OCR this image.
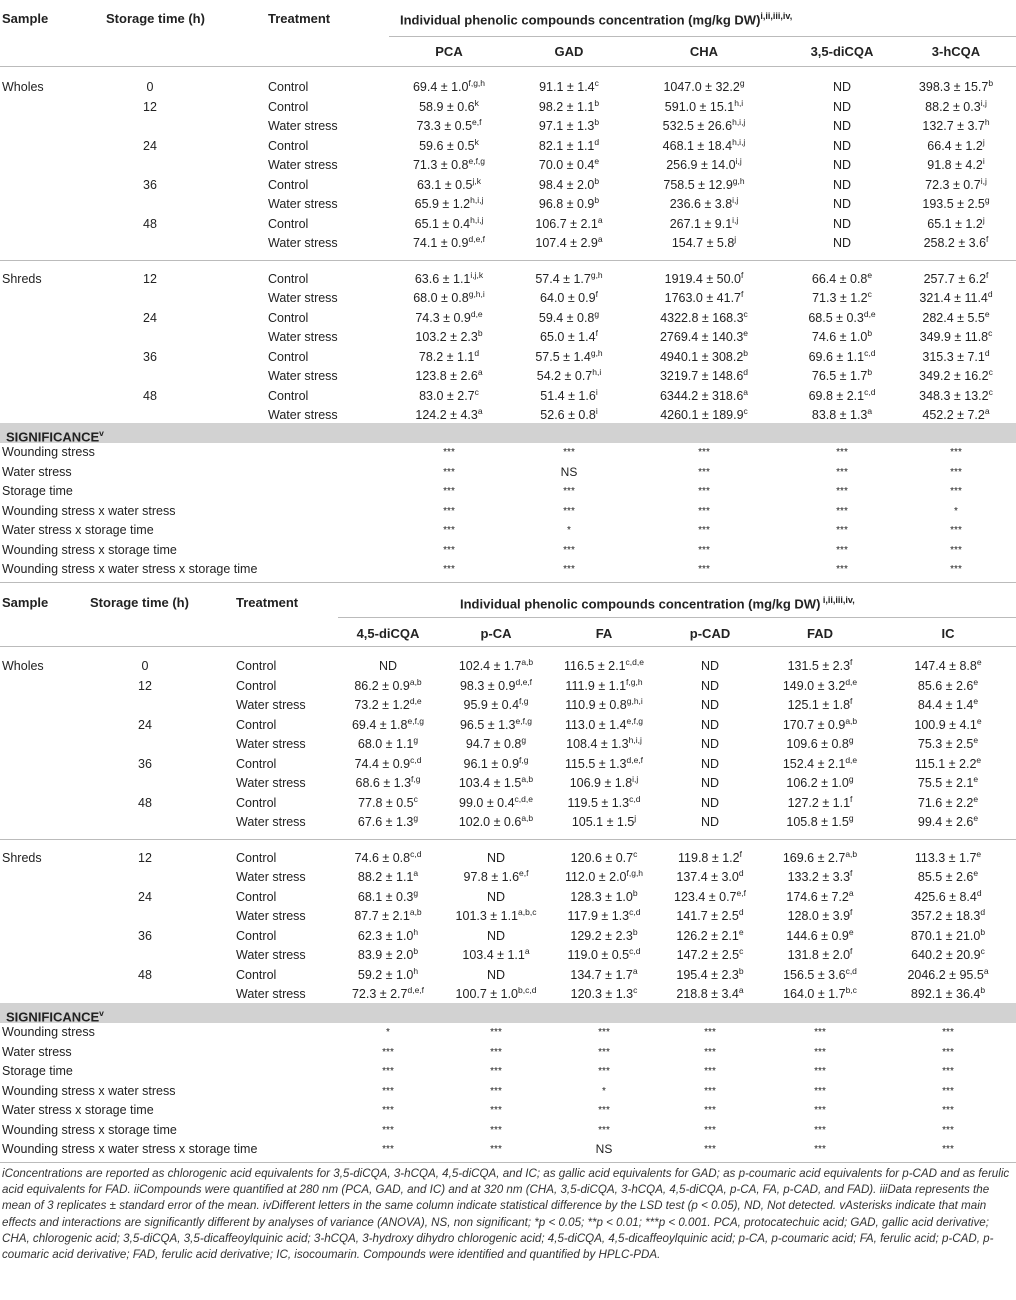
Sample	Storage time (h)	Treatment	Individual phenolic compounds concentration (mg/kg DW)$^{i,ii,iii,iv,}$
PCA	GAD	CHA	3,5-diCQA	3-hCQA
Wholes	0	Control	$69.4 \pm 1.0^{f,g,h}$	91.1 ± 1.4$^c$	1047.0 ± 32.2$^g$	ND	398.3 ± 15.7$^b$
12	Control	$58.9 \pm 0.6^k$	98.2 ± 1.1$^b$	$591.0 \pm 15.1^{h,i}$	ND	$88.2 \pm 0.3^{i,j}$
Water stress	$73.3 \pm 0.5^{e,f}$	97.1 ± 1.3$^b$	$532.5 \pm 26.6^{h,i,j}$	ND	132.7 ± 3.7$^h$
24	Control	$59.6 \pm 0.5^k$	82.1 ± 1.1$^d$	$468.1 \pm 18.4^{h,i,j}$	ND	$66.4 \pm 1.2^j$
Water stress	$71.3 \pm 0.8^{e,f,g}$	70.0 ± 0.4$^e$	$256.9 \pm 14.0^{i,j}$	ND	$91.8 \pm 4.2^i$
36	Control	$63.1 \pm 0.5^{j,k}$	98.4 ± 2.0$^b$	$758.5 \pm 12.9^{g,h}$	ND	$72.3 \pm 0.7^{i,j}$
Water stress	$65.9 \pm 1.2^{h,i,j}$	96.8 ± 0.9$^b$	$236.6 \pm 3.8^{i,j}$	ND	193.5 ± 2.5$^g$
48	Control	$65.1 \pm 0.4^{h,i,j}$	106.7 ± 2.1$^a$	$267.1 \pm 9.1^{i,j}$	ND	$65.1 \pm 1.2^j$
Water stress	$74.1 \pm 0.9^{d,e,f}$	107.4 ± 2.9$^a$	$154.7 \pm 5.8^j$	ND	258.2 ± 3.6$^f$
Shreds	12	Control	$63.6 \pm 1.1^{i,j,k}$	$57.4 \pm 1.7^{g,h}$	1919.4 ± 50.0$^f$	66.4 ± 0.8$^e$	257.7 ± 6.2$^f$
Water stress	$68.0 \pm 0.8^{g,h,i}$	64.0 ± 0.9$^f$	1763.0 ± 41.7$^f$	71.3 ± 1.2$^c$	321.4 ± 11.4$^d$
24	Control	$74.3 \pm 0.9^{d,e}$	59.4 ± 0.8$^g$	4322.8 ± 168.3$^c$	$68.5 \pm 0.3^{d,e}$	282.4 ± 5.5$^e$
Water stress	103.2 ± 2.3$^b$	65.0 ± 1.4$^f$	2769.4 ± 140.3$^e$	74.6 ± 1.0$^b$	349.9 ± 11.8$^c$
36	Control	78.2 ± 1.1$^d$	$57.5 \pm 1.4^{g,h}$	4940.1 ± 308.2$^b$	$69.6 \pm 1.1^{c,d}$	315.3 ± 7.1$^d$
Water stress	123.8 ± 2.6$^a$	$54.2 \pm 0.7^{h,i}$	3219.7 ± 148.6$^d$	76.5 ± 1.7$^b$	349.2 ± 16.2$^c$
48	Control	83.0 ± 2.7$^c$	$51.4 \pm 1.6^i$	6344.2 ± 318.6$^a$	$69.8 \pm 2.1^{c,d}$	348.3 ± 13.2$^c$
Water stress	124.2 ± 4.3$^a$	$52.6 \pm 0.8^i$	4260.1 ± 189.9$^c$	83.8 ± 1.3$^a$	452.2 ± 7.2$^a$
SIGNIFICANCE$^v$
Wounding stress	***	***	***	***	***
Water stress	***	NS	***	***	***
Storage time	***	***	***	***	***
Wounding stress x water stress	***	***	***	***	*
Water stress x storage time	***	*	***	***	***
Wounding stress x storage time	***	***	***	***	***
Wounding stress x water stress x storage time	***	***	***	***	***
Sample	Storage time (h)	Treatment	Individual phenolic compounds concentration (mg/kg DW) $^{i,ii,iii,iv,}$
4,5-diCQA	p-CA	FA	p-CAD	FAD	IC
Wholes	0	Control	ND	$102.4 \pm 1.7^{a,b}$	$116.5 \pm 2.1^{c,d,e}$	ND	131.5 ± 2.3$^f$	147.4 ± 8.8$^e$
12	Control	$86.2 \pm 0.9^{a,b}$	$98.3 \pm 0.9^{d,e,f}$	$111.9 \pm 1.1^{f,g,h}$	ND	$149.0 \pm 3.2^{d,e}$	85.6 ± 2.6$^e$
Water stress	$73.2 \pm 1.2^{d,e}$	$95.9 \pm 0.4^{f,g}$	$110.9 \pm 0.8^{g,h,i}$	ND	125.1 ± 1.8$^f$	84.4 ± 1.4$^e$
24	Control	$69.4 \pm 1.8^{e,f,g}$	$96.5 \pm 1.3^{e,f,g}$	$113.0 \pm 1.4^{e,f,g}$	ND	$170.7 \pm 0.9^{a,b}$	100.9 ± 4.1$^e$
Water stress	68.0 ± 1.1$^g$	94.7 ± 0.8$^g$	$108.4 \pm 1.3^{h,i,j}$	ND	109.6 ± 0.8$^g$	75.3 ± 2.5$^e$
36	Control	$74.4 \pm 0.9^{c,d}$	$96.1 \pm 0.9^{f,g}$	$115.5 \pm 1.3^{d,e,f}$	ND	$152.4 \pm 2.1^{d,e}$	115.1 ± 2.2$^e$
Water stress	$68.6 \pm 1.3^{f,g}$	$103.4 \pm 1.5^{a,b}$	$106.9 \pm 1.8^{i,j}$	ND	106.2 ± 1.0$^g$	75.5 ± 2.1$^e$
48	Control	77.8 ± 0.5$^c$	$99.0 \pm 0.4^{c,d,e}$	$119.5 \pm 1.3^{c,d}$	ND	127.2 ± 1.1$^f$	71.6 ± 2.2$^e$
Water stress	67.6 ± 1.3$^g$	$102.0 \pm 0.6^{a,b}$	$105.1 \pm 1.5^j$	ND	105.8 ± 1.5$^g$	99.4 ± 2.6$^e$
Shreds	12	Control	$74.6 \pm 0.8^{c,d}$	ND	120.6 ± 0.7$^c$	119.8 ± 1.2$^f$	$169.6 \pm 2.7^{a,b}$	113.3 ± 1.7$^e$
Water stress	88.2 ± 1.1$^a$	$97.8 \pm 1.6^{e,f}$	$112.0 \pm 2.0^{f,g,h}$	137.4 ± 3.0$^d$	133.2 ± 3.3$^f$	85.5 ± 2.6$^e$
24	Control	68.1 ± 0.3$^g$	ND	128.3 ± 1.0$^b$	$123.4 \pm 0.7^{e,f}$	174.6 ± 7.2$^a$	425.6 ± 8.4$^d$
Water stress	$87.7 \pm 2.1^{a,b}$	$101.3 \pm 1.1^{a,b,c}$	$117.9 \pm 1.3^{c,d}$	141.7 ± 2.5$^d$	128.0 ± 3.9$^f$	357.2 ± 18.3$^d$
36	Control	62.3 ± 1.0$^h$	ND	129.2 ± 2.3$^b$	126.2 ± 2.1$^e$	144.6 ± 0.9$^e$	870.1 ± 21.0$^b$
Water stress	83.9 ± 2.0$^b$	103.4 ± 1.1$^a$	$119.0 \pm 0.5^{c,d}$	147.2 ± 2.5$^c$	131.8 ± 2.0$^f$	640.2 ± 20.9$^c$
48	Control	59.2 ± 1.0$^h$	ND	134.7 ± 1.7$^a$	195.4 ± 2.3$^b$	$156.5 \pm 3.6^{c,d}$	2046.2 ± 95.5$^a$
Water stress	$72.3 \pm 2.7^{d,e,f}$	$100.7 \pm 1.0^{b,c,d}$	120.3 ± 1.3$^c$	218.8 ± 3.4$^a$	$164.0 \pm 1.7^{b,c}$	892.1 ± 36.4$^b$
SIGNIFICANCE$^v$
Wounding stress	*	***	***	***	***	***
Water stress	***	***	***	***	***	***
Storage time	***	***	***	***	***	***
Wounding stress x water stress	***	***	*	***	***	***
Water stress x storage time	***	***	***	***	***	***
Wounding stress x storage time	***	***	***	***	***	***
Wounding stress x water stress x storage time	***	***	NS	***	***	***
iConcentrations are reported as chlorogenic acid equivalents for 3,5-diCQA, 3-hCQA, 4,5-diCQA, and IC; as gallic acid equivalents for GAD; as p-coumaric acid equivalents for p-CAD and as ferulic acid equivalents for FAD. iiCompounds were quantified at 280 nm (PCA, GAD, and IC) and at 320 nm (CHA, 3,5-diCQA, 3-hCQA, 4,5-diCQA, p-CA, FA, p-CAD, and FAD). iiiData represents the mean of 3 replicates ± standard error of the mean. ivDifferent letters in the same column indicate statistical difference by the LSD test (p < 0.05), ND, Not detected. vAsterisks indicate that main effects and interactions are significantly different by analyses of variance (ANOVA), NS, non significant; *p < 0.05; **p < 0.01; ***p < 0.001. PCA, protocatechuic acid; GAD, gallic acid derivative; CHA, chlorogenic acid; 3,5-diCQA, 3,5-dicaffeoylquinic acid; 3-hCQA, 3-hydroxy dihydro chlorogenic acid; 4,5-diCQA, 4,5-dicaffeoylquinic acid; p-CA, p-coumaric acid; FA, ferulic acid; p-CAD, p-coumaric acid derivative; FAD, ferulic acid derivative; IC, isocoumarin. Compounds were identified and quantified by HPLC-PDA.
